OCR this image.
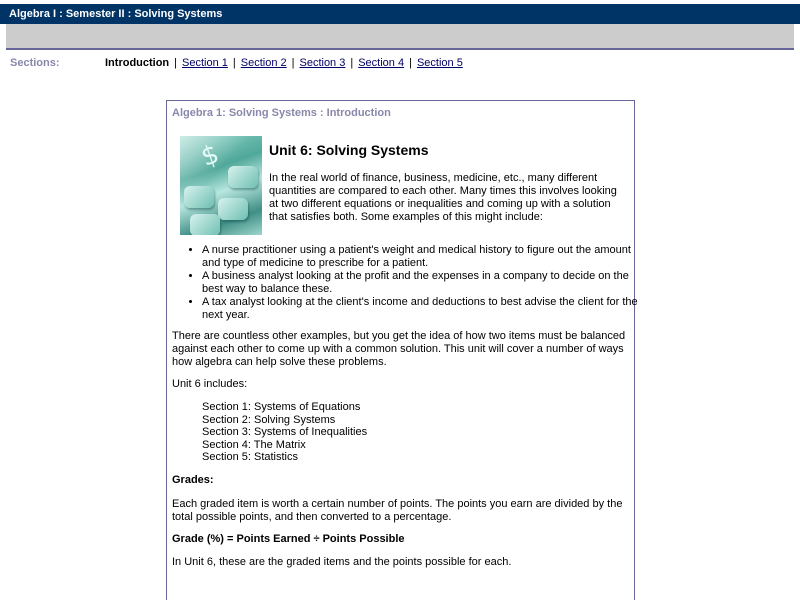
Algebra I : Semester II : Solving Systems
Sections:	Introduction | Section 1 | Section 2 | Section 3 | Section 4 | Section 5
Algebra 1: Solving Systems : Introduction
$	Unit 6: Solving Systems

In the real world of finance, business, medicine, etc., many different quantities are compared to each other. Many times this involves looking at two different equations or inequalities and coming up with a solution that satisfies both. Some examples of this might include:

• A nurse practitioner using a patient's weight and medical history to figure out the amount and type of medicine to prescribe for a patient.
• A business analyst looking at the profit and the expenses in a company to decide on the best way to balance these.
• A tax analyst looking at the client's income and deductions to best advise the client for the next year.

There are countless other examples, but you get the idea of how two items must be balanced against each other to come up with a common solution. This unit will cover a number of ways how algebra can help solve these problems.

Unit 6 includes:

Section 1: Systems of Equations
Section 2: Solving Systems
Section 3: Systems of Inequalities
Section 4: The Matrix
Section 5: Statistics

Grades:

Each graded item is worth a certain number of points. The points you earn are divided by the total possible points, and then converted to a percentage.

Grade (%) = Points Earned ÷ Points Possible

In Unit 6, these are the graded items and the points possible for each.
